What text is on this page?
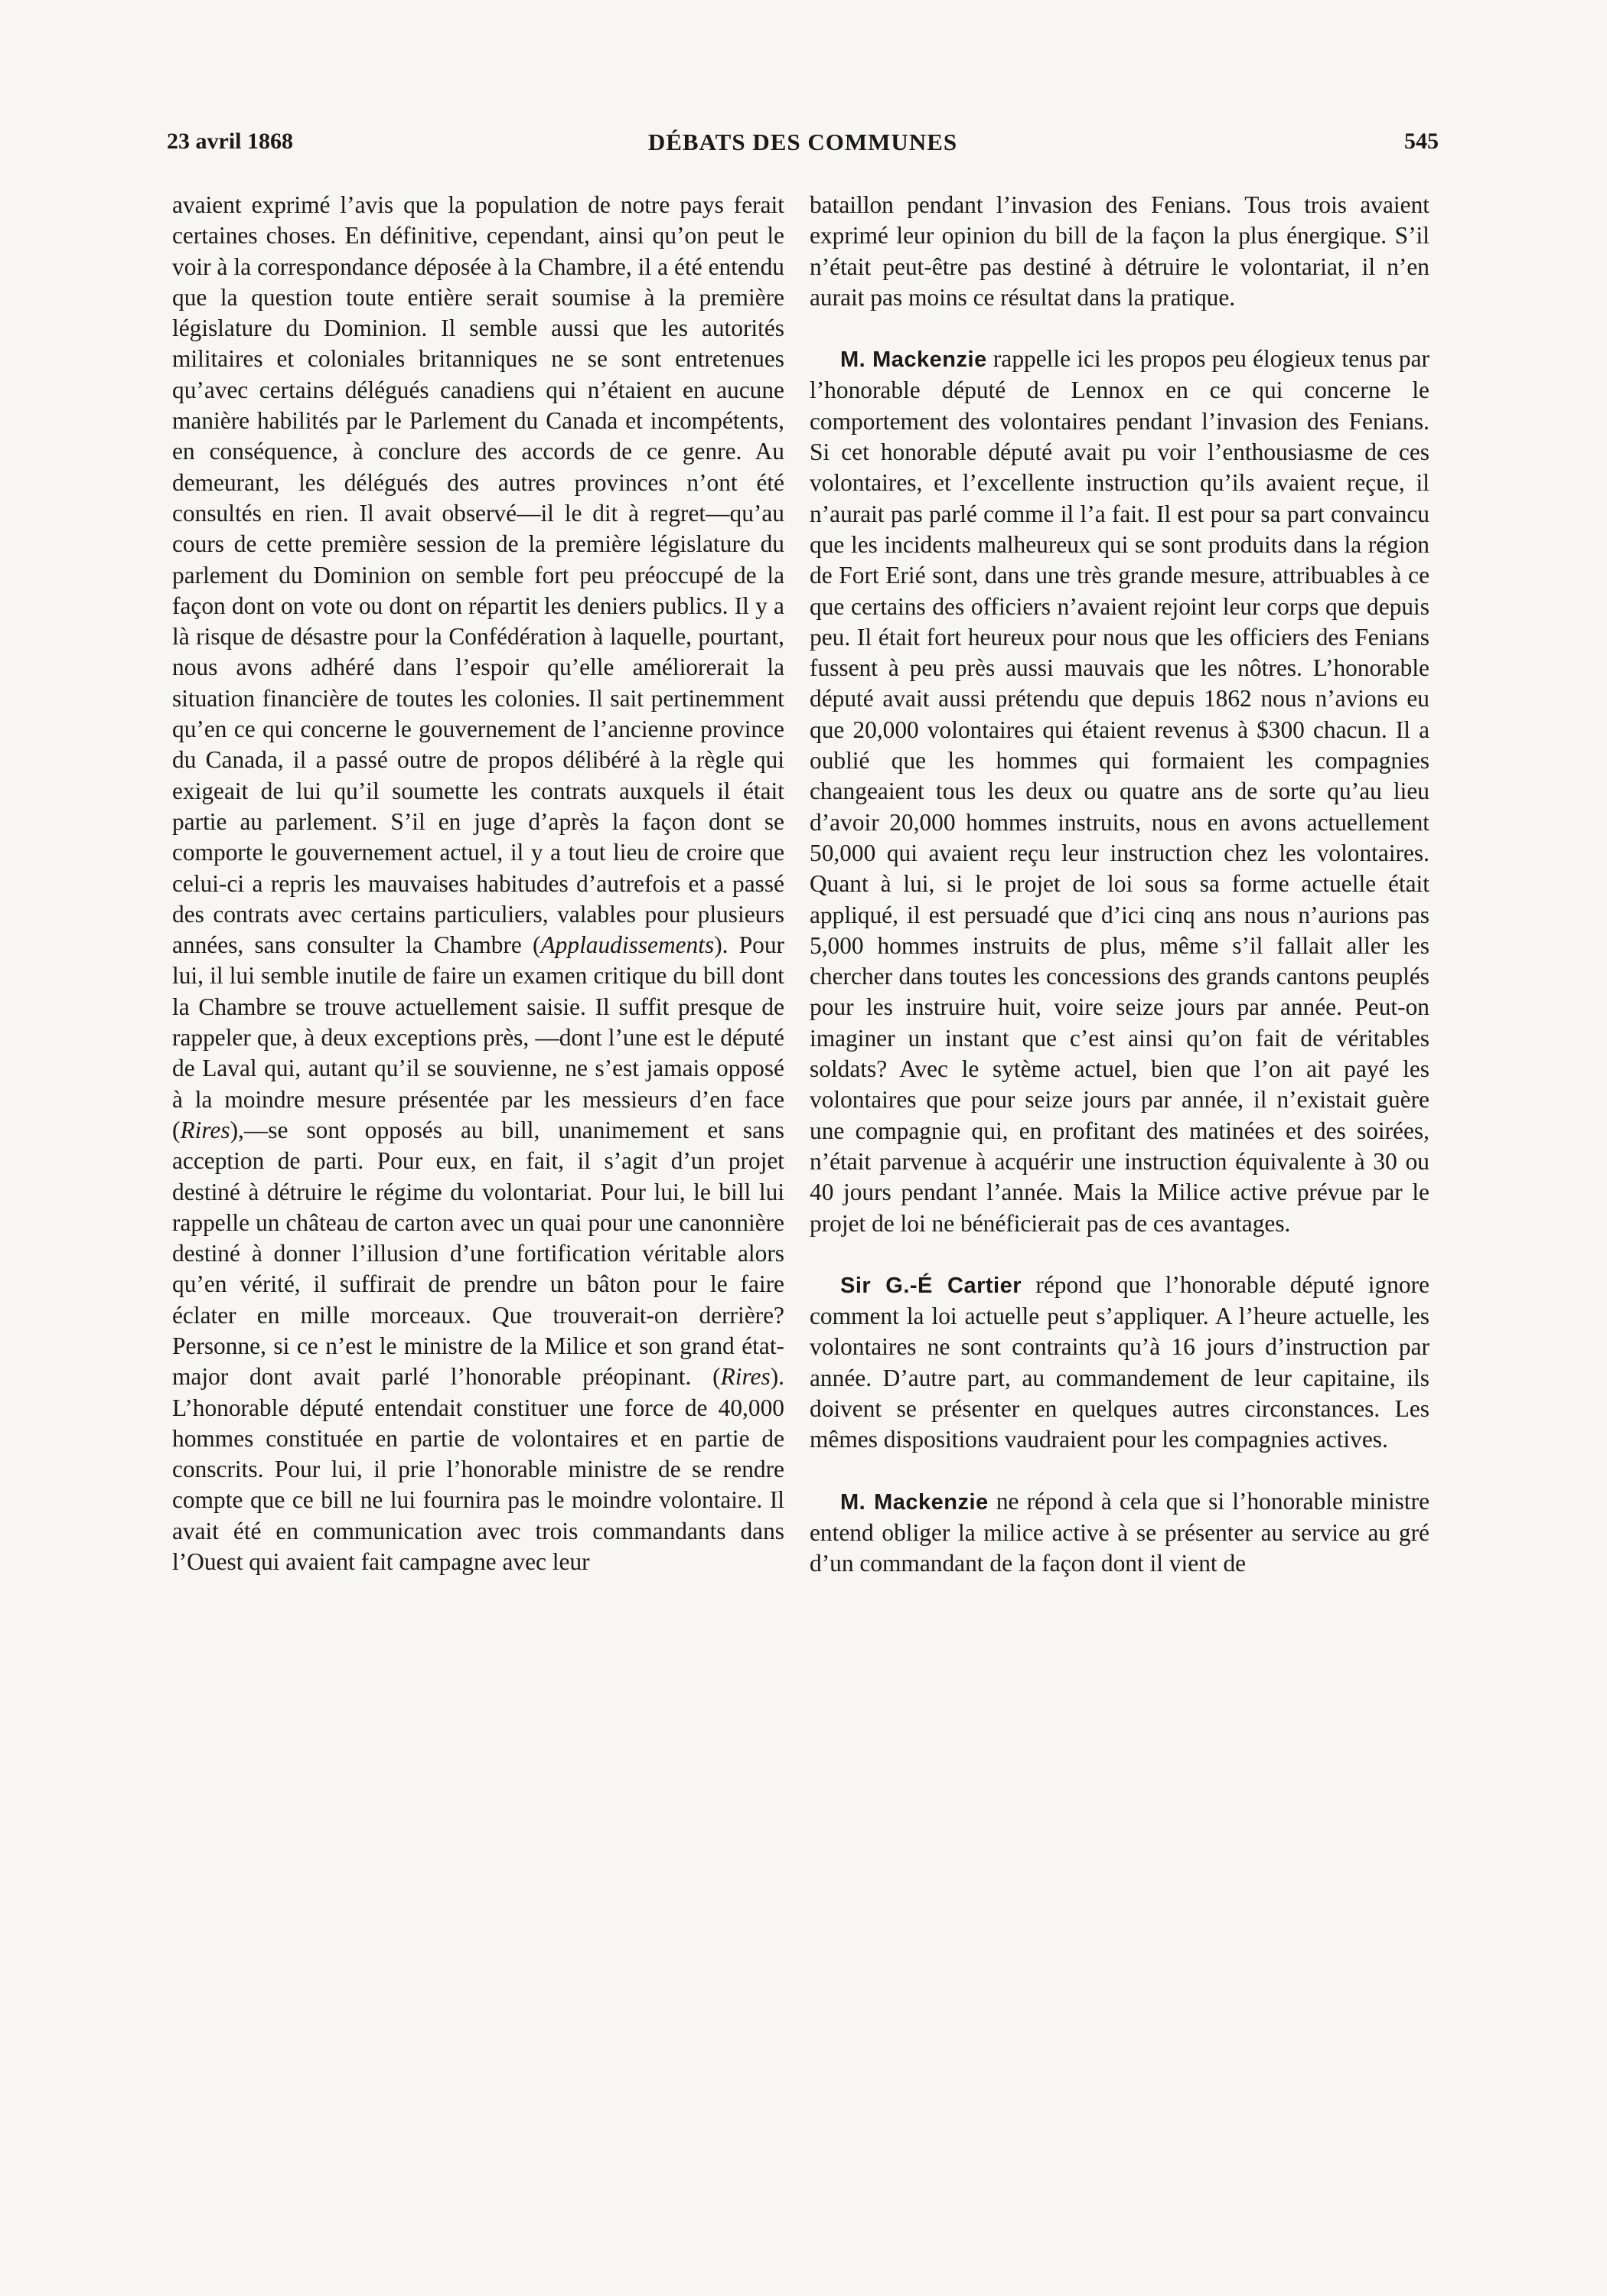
23 avril 1868	DÉBATS DES COMMUNES	545

avaient exprimé l’avis que la population de notre pays ferait certaines choses. En définitive, cependant, ainsi qu’on peut le voir à la correspondance déposée à la Chambre, il a été entendu que la question toute entière serait soumise à la première législature du Dominion. Il semble aussi que les autorités militaires et coloniales britanniques ne se sont entretenues qu’avec certains délégués canadiens qui n’étaient en aucune manière habilités par le Parlement du Canada et incompétents, en conséquence, à conclure des accords de ce genre. Au demeurant, les délégués des autres provinces n’ont été consultés en rien. Il avait observé—il le dit à regret—qu’au cours de cette première session de la première législature du parlement du Dominion on semble fort peu préoccupé de la façon dont on vote ou dont on répartit les deniers publics. Il y a là risque de désastre pour la Confédération à laquelle, pourtant, nous avons adhéré dans l’espoir qu’elle améliorerait la situation financière de toutes les colonies. Il sait pertinemment qu’en ce qui concerne le gouvernement de l’ancienne province du Canada, il a passé outre de propos délibéré à la règle qui exigeait de lui qu’il soumette les contrats auxquels il était partie au parlement. S’il en juge d’après la façon dont se comporte le gouvernement actuel, il y a tout lieu de croire que celui-ci a repris les mauvaises habitudes d’autrefois et a passé des contrats avec certains particuliers, valables pour plusieurs années, sans consulter la Chambre (Applaudissements). Pour lui, il lui semble inutile de faire un examen critique du bill dont la Chambre se trouve actuellement saisie. Il suffit presque de rappeler que, à deux exceptions près, —dont l’une est le député de Laval qui, autant qu’il se souvienne, ne s’est jamais opposé à la moindre mesure présentée par les messieurs d’en face (Rires),—se sont opposés au bill, unanimement et sans acception de parti. Pour eux, en fait, il s’agit d’un projet destiné à détruire le régime du volontariat. Pour lui, le bill lui rappelle un château de carton avec un quai pour une canonnière destiné à donner l’illusion d’une fortification véritable alors qu’en vérité, il suffirait de prendre un bâton pour le faire éclater en mille morceaux. Que trouverait-on derrière? Personne, si ce n’est le ministre de la Milice et son grand état-major dont avait parlé l’honorable préopinant. (Rires). L’honorable député entendait constituer une force de 40,000 hommes constituée en partie de volontaires et en partie de conscrits. Pour lui, il prie l’honorable ministre de se rendre compte que ce bill ne lui fournira pas le moindre volontaire. Il avait été en communication avec trois commandants dans l’Ouest qui avaient fait campagne avec leur

bataillon pendant l’invasion des Fenians. Tous trois avaient exprimé leur opinion du bill de la façon la plus énergique. S’il n’était peut-être pas destiné à détruire le volontariat, il n’en aurait pas moins ce résultat dans la pratique.

M. Mackenzie rappelle ici les propos peu élogieux tenus par l’honorable député de Lennox en ce qui concerne le comportement des volontaires pendant l’invasion des Fenians. Si cet honorable député avait pu voir l’enthousiasme de ces volontaires, et l’excellente instruction qu’ils avaient reçue, il n’aurait pas parlé comme il l’a fait. Il est pour sa part convaincu que les incidents malheureux qui se sont produits dans la région de Fort Erié sont, dans une très grande mesure, attribuables à ce que certains des officiers n’avaient rejoint leur corps que depuis peu. Il était fort heureux pour nous que les officiers des Fenians fussent à peu près aussi mauvais que les nôtres. L’honorable député avait aussi prétendu que depuis 1862 nous n’avions eu que 20,000 volontaires qui étaient revenus à $300 chacun. Il a oublié que les hommes qui formaient les compagnies changeaient tous les deux ou quatre ans de sorte qu’au lieu d’avoir 20,000 hommes instruits, nous en avons actuellement 50,000 qui avaient reçu leur instruction chez les volontaires. Quant à lui, si le projet de loi sous sa forme actuelle était appliqué, il est persuadé que d’ici cinq ans nous n’aurions pas 5,000 hommes instruits de plus, même s’il fallait aller les chercher dans toutes les concessions des grands cantons peuplés pour les instruire huit, voire seize jours par année. Peut-on imaginer un instant que c’est ainsi qu’on fait de véritables soldats? Avec le sytème actuel, bien que l’on ait payé les volontaires que pour seize jours par année, il n’existait guère une compagnie qui, en profitant des matinées et des soirées, n’était parvenue à acquérir une instruction équivalente à 30 ou 40 jours pendant l’année. Mais la Milice active prévue par le projet de loi ne bénéficierait pas de ces avantages.

Sir G.-É Cartier répond que l’honorable député ignore comment la loi actuelle peut s’appliquer. A l’heure actuelle, les volontaires ne sont contraints qu’à 16 jours d’instruction par année. D’autre part, au commandement de leur capitaine, ils doivent se présenter en quelques autres circonstances. Les mêmes dispositions vaudraient pour les compagnies actives.

M. Mackenzie ne répond à cela que si l’honorable ministre entend obliger la milice active à se présenter au service au gré d’un commandant de la façon dont il vient de
